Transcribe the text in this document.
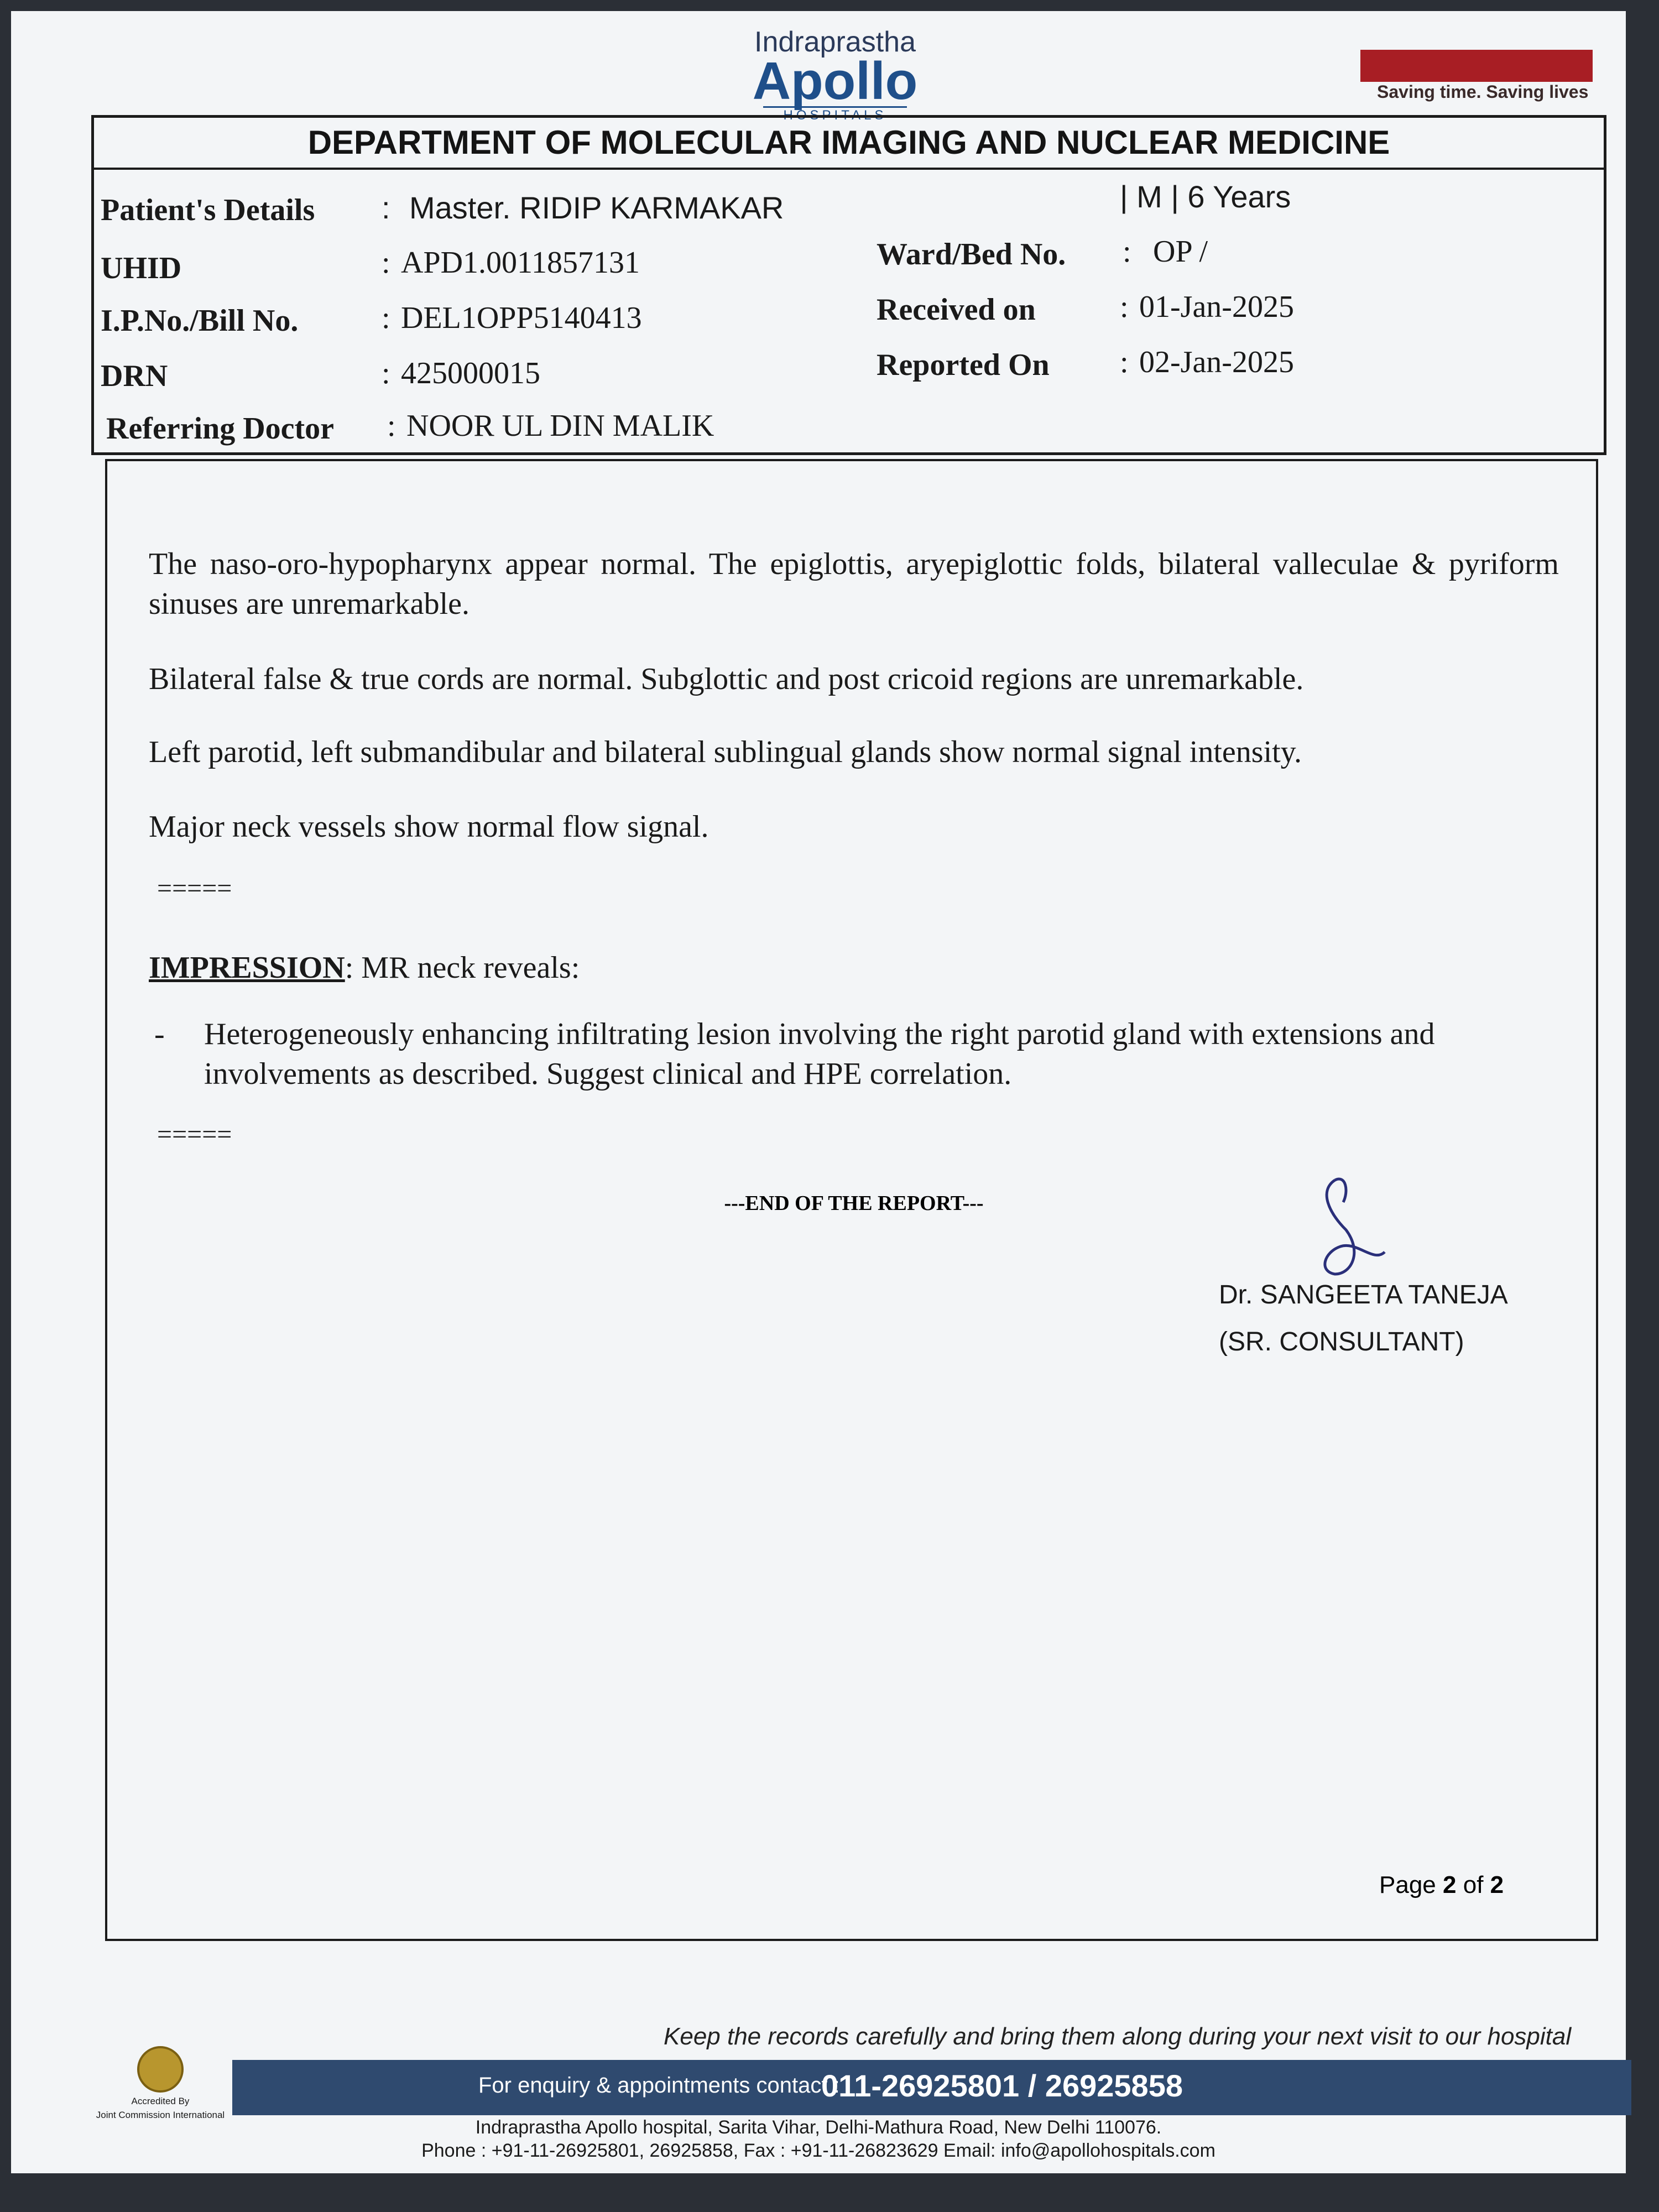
Indraprastha
Apollo
HOSPITALS
Saving time. Saving lives
DEPARTMENT OF MOLECULAR IMAGING AND NUCLEAR MEDICINE
Patient's Details : Master. RIDIP KARMAKAR	| M | 6 Years
UHID	: APD1.0011857131	Ward/Bed No. : OP /
I.P.No./Bill No.	: DEL1OPP5140413	Received on	: 01-Jan-2025
DRN	: 425000015	Reported On : 02-Jan-2025
Referring Doctor : NOOR UL DIN MALIK
The naso-oro-hypopharynx appear normal. The epiglottis, aryepiglottic folds, bilateral valleculae & pyriform sinuses are unremarkable.
Bilateral false & true cords are normal. Subglottic and post cricoid regions are unremarkable.
Left parotid, left submandibular and bilateral sublingual glands show normal signal intensity.
Major neck vessels show normal flow signal.
=====
IMPRESSION: MR neck reveals:
-	Heterogeneously enhancing infiltrating lesion involving the right parotid gland with extensions and involvements as described. Suggest clinical and HPE correlation.
=====
---END OF THE REPORT---
Dr. SANGEETA TANEJA
(SR. CONSULTANT)
Page 2 of 2
Keep the records carefully and bring them along during your next visit to our hospital
Accredited By
Joint Commission International
For enquiry & appointments contact :
011-26925801 / 26925858
Indraprastha Apollo hospital, Sarita Vihar, Delhi-Mathura Road, New Delhi 110076.
Phone : +91-11-26925801, 26925858, Fax : +91-11-26823629 Email: info@apollohospitals.com
